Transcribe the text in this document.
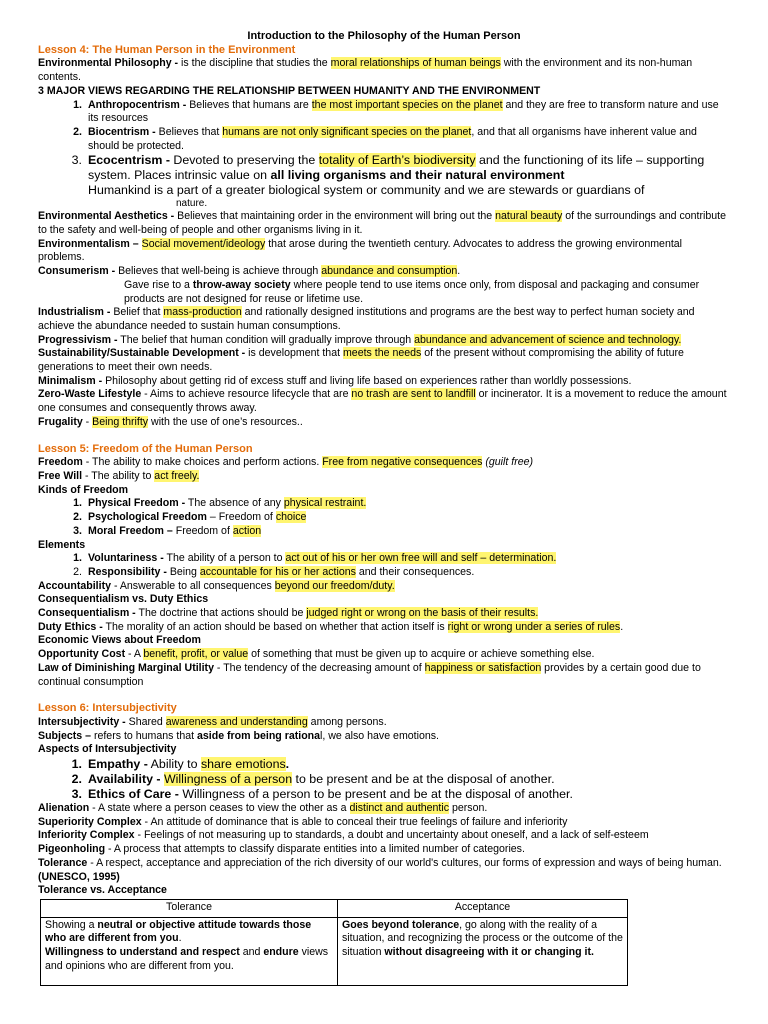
Introduction to the Philosophy of the Human Person
Lesson 4: The Human Person in the Environment
Environmental Philosophy - is the discipline that studies the moral relationships of human beings with the environment and its non-human contents.
3 MAJOR VIEWS REGARDING THE RELATIONSHIP BETWEEN HUMANITY AND THE ENVIRONMENT
1. Anthropocentrism - Believes that humans are the most important species on the planet and they are free to transform nature and use its resources
2. Biocentrism - Believes that humans are not only significant species on the planet, and that all organisms have inherent value and should be protected.
3. Ecocentrism - Devoted to preserving the totality of Earth’s biodiversity and the functioning of its life – supporting system. Places intrinsic value on all living organisms and their natural environment
Humankind is a part of a greater biological system or community and we are stewards or guardians of
nature.
Environmental Aesthetics - Believes that maintaining order in the environment will bring out the natural beauty of the surroundings and contribute to the safety and well-being of people and other organisms living in it.
Environmentalism – Social movement/ideology that arose during the twentieth century. Advocates to address the growing environmental problems.
Consumerism - Believes that well-being is achieve through abundance and consumption.
Gave rise to a throw-away society where people tend to use items once only, from disposal and packaging and consumer products are not designed for reuse or lifetime use.
Industrialism - Belief that mass-production and rationally designed institutions and programs are the best way to perfect human society and achieve the abundance needed to sustain human consumptions.
Progressivism - The belief that human condition will gradually improve through abundance and advancement of science and technology.
Sustainability/Sustainable Development - is development that meets the needs of the present without compromising the ability of future generations to meet their own needs.
Minimalism - Philosophy about getting rid of excess stuff and living life based on experiences rather than worldly possessions.
Zero-Waste Lifestyle - Aims to achieve resource lifecycle that are no trash are sent to landfill or incinerator. It is a movement to reduce the amount one consumes and consequently throws away.
Frugality - Being thrifty with the use of one’s resources..
Lesson 5: Freedom of the Human Person
Freedom - The ability to make choices and perform actions. Free from negative consequences (guilt free)
Free Will - The ability to act freely.
Kinds of Freedom
1. Physical Freedom - The absence of any physical restraint.
2. Psychological Freedom – Freedom of choice
3. Moral Freedom – Freedom of action
Elements
1. Voluntariness - The ability of a person to act out of his or her own free will and self – determination.
2. Responsibility - Being accountable for his or her actions and their consequences.
Accountability - Answerable to all consequences beyond our freedom/duty.
Consequentialism vs. Duty Ethics
Consequentialism - The doctrine that actions should be judged right or wrong on the basis of their results.
Duty Ethics - The morality of an action should be based on whether that action itself is right or wrong under a series of rules.
Economic Views about Freedom
Opportunity Cost - A benefit, profit, or value of something that must be given up to acquire or achieve something else.
Law of Diminishing Marginal Utility - The tendency of the decreasing amount of happiness or satisfaction provides by a certain good due to continual consumption
Lesson 6: Intersubjectivity
Intersubjectivity - Shared awareness and understanding among persons.
Subjects – refers to humans that aside from being rational, we also have emotions.
Aspects of Intersubjectivity
1. Empathy - Ability to share emotions.
2. Availability - Willingness of a person to be present and be at the disposal of another.
3. Ethics of Care - Willingness of a person to be present and be at the disposal of another.
Alienation - A state where a person ceases to view the other as a distinct and authentic person.
Superiority Complex - An attitude of dominance that is able to conceal their true feelings of failure and inferiority
Inferiority Complex - Feelings of not measuring up to standards, a doubt and uncertainty about oneself, and a lack of self-esteem
Pigeonholing - A process that attempts to classify disparate entities into a limited number of categories.
Tolerance - A respect, acceptance and appreciation of the rich diversity of our world's cultures, our forms of expression and ways of being human. (UNESCO, 1995)
Tolerance vs. Acceptance
Tolerance	Acceptance
Showing a neutral or objective attitude towards those who are different from you.
Willingness to understand and respect and endure views and opinions who are different from you.	Goes beyond tolerance, go along with the reality of a situation, and recognizing the process or the outcome of the situation without disagreeing with it or changing it.
